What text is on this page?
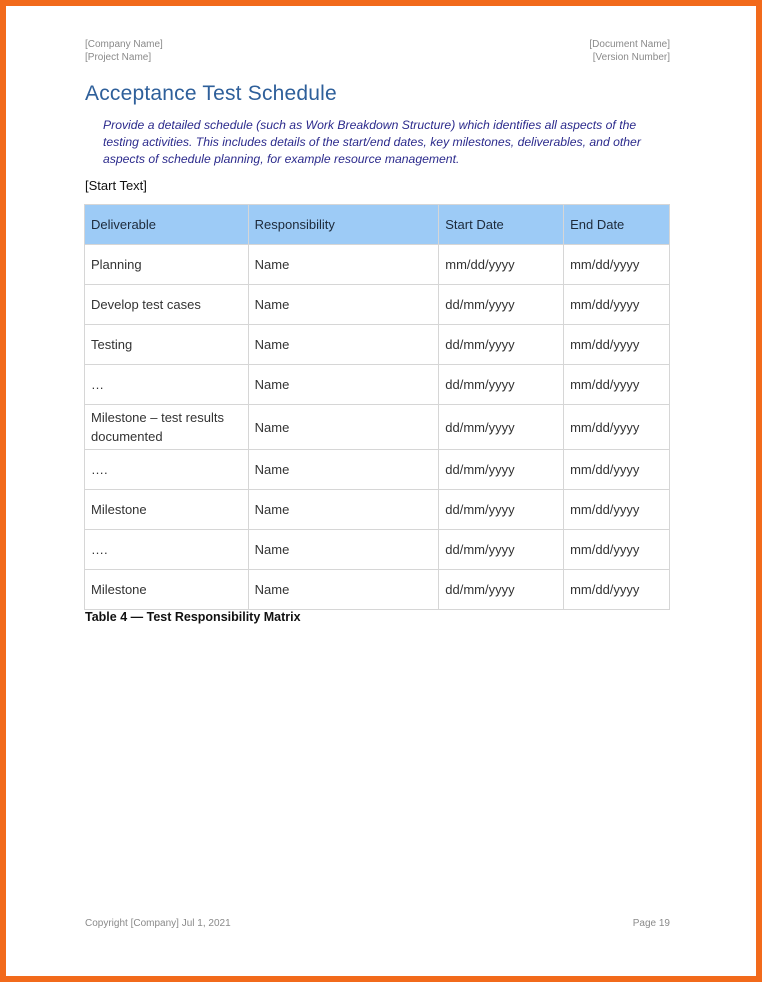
[Company Name]
[Project Name]
[Document Name]
[Version Number]
Acceptance Test Schedule

Provide a detailed schedule (such as Work Breakdown Structure) which identifies all aspects of the testing activities. This includes details of the start/end dates, key milestones, deliverables, and other aspects of schedule planning, for example resource management.

[Start Text]
Deliverable	Responsibility	Start Date	End Date
Planning	Name	mm/dd/yyyy	mm/dd/yyyy
Develop test cases	Name	dd/mm/yyyy	mm/dd/yyyy
Testing	Name	dd/mm/yyyy	mm/dd/yyyy
…	Name	dd/mm/yyyy	mm/dd/yyyy
Milestone – test results documented	Name	dd/mm/yyyy	mm/dd/yyyy
….	Name	dd/mm/yyyy	mm/dd/yyyy
Milestone	Name	dd/mm/yyyy	mm/dd/yyyy
….	Name	dd/mm/yyyy	mm/dd/yyyy
Milestone	Name	dd/mm/yyyy	mm/dd/yyyy
Table 4 — Test Responsibility Matrix
Copyright [Company] Jul 1, 2021	Page 19
